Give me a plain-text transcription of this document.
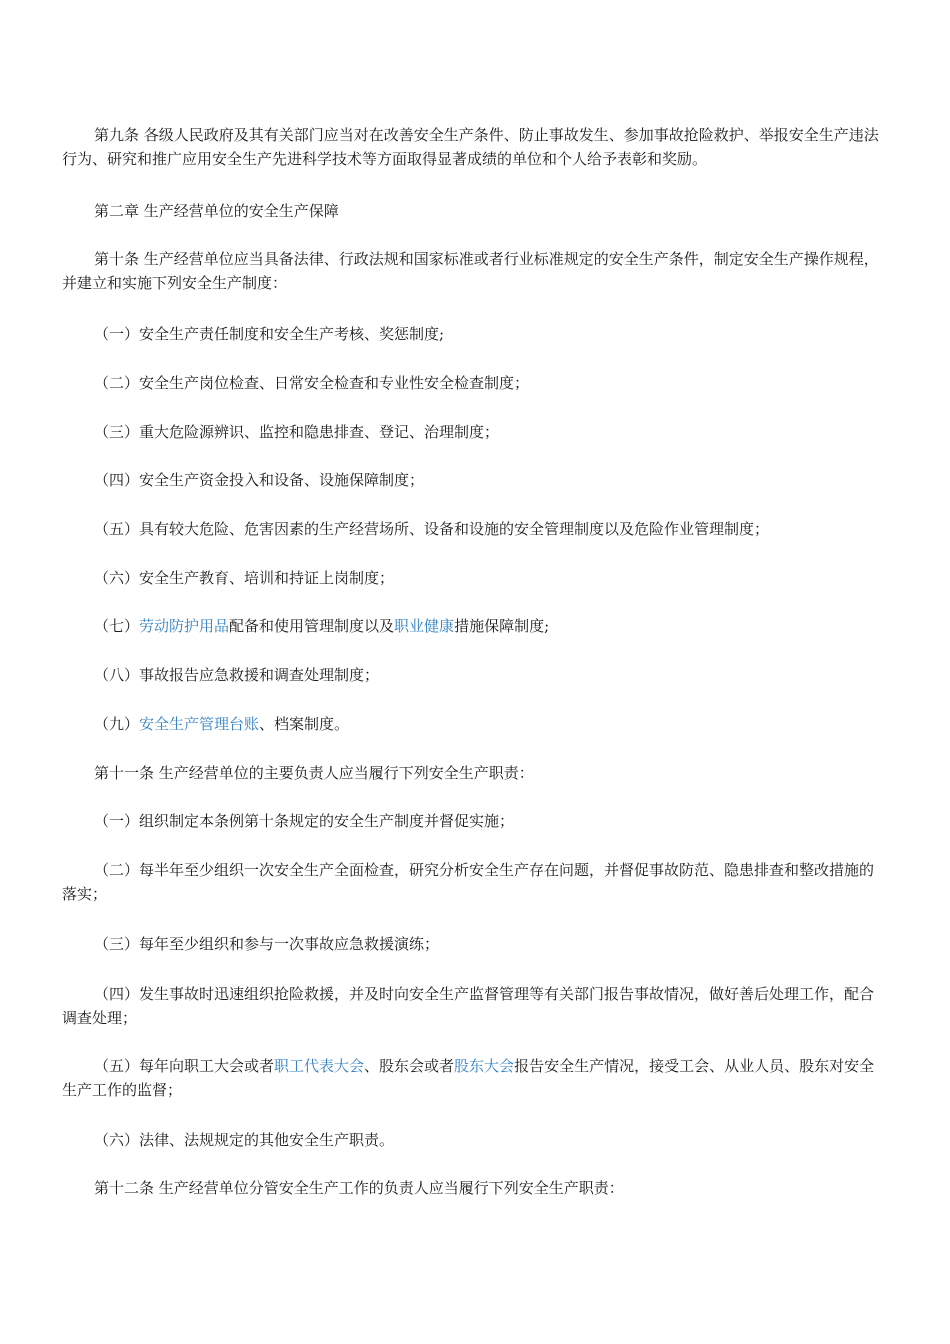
第九条 各级人民政府及其有关部门应当对在改善安全生产条件、防止事故发生、参加事故抢险救护、举报安全生产违法行为、研究和推广应用安全生产先进科学技术等方面取得显著成绩的单位和个人给予表彰和奖励。

第二章 生产经营单位的安全生产保障

第十条 生产经营单位应当具备法律、行政法规和国家标准或者行业标准规定的安全生产条件，制定安全生产操作规程，并建立和实施下列安全生产制度：

（一）安全生产责任制度和安全生产考核、奖惩制度;

（二）安全生产岗位检查、日常安全检查和专业性安全检查制度；

（三）重大危险源辨识、监控和隐患排查、登记、治理制度；

（四）安全生产资金投入和设备、设施保障制度；

（五）具有较大危险、危害因素的生产经营场所、设备和设施的安全管理制度以及危险作业管理制度；

（六）安全生产教育、培训和持证上岗制度；

（七）劳动防护用品配备和使用管理制度以及职业健康措施保障制度;

（八）事故报告应急救援和调查处理制度；

（九）安全生产管理台账、档案制度。

第十一条 生产经营单位的主要负责人应当履行下列安全生产职责：

（一）组织制定本条例第十条规定的安全生产制度并督促实施；

（二）每半年至少组织一次安全生产全面检查，研究分析安全生产存在问题，并督促事故防范、隐患排查和整改措施的落实；

（三）每年至少组织和参与一次事故应急救援演练；

（四）发生事故时迅速组织抢险救援，并及时向安全生产监督管理等有关部门报告事故情况，做好善后处理工作，配合调查处理；

（五）每年向职工大会或者职工代表大会、股东会或者股东大会报告安全生产情况，接受工会、从业人员、股东对安全生产工作的监督；

（六）法律、法规规定的其他安全生产职责。

第十二条 生产经营单位分管安全生产工作的负责人应当履行下列安全生产职责：
